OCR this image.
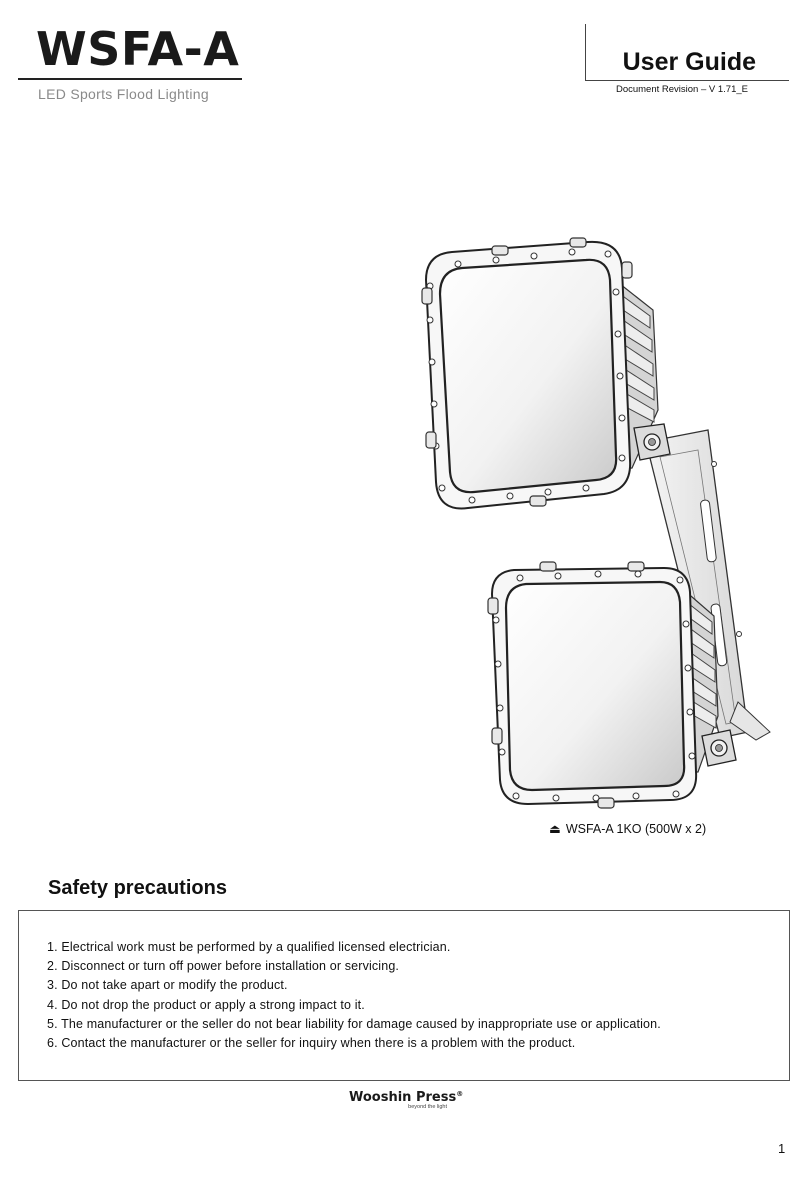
WSFA-A
LED Sports Flood Lighting
User Guide
Document Revision – V 1.71_E
⏏ WSFA-A 1KO (500W x 2)
Safety precautions
1. Electrical work must be performed by a qualified licensed electrician.
2. Disconnect or turn off power before installation or servicing.
3. Do not take apart or modify the product.
4. Do not drop the product or apply a strong impact to it.
5. The manufacturer or the seller do not bear liability for damage caused by inappropriate use or application.
6. Contact the manufacturer or the seller for inquiry when there is a problem with the product.
Wooshin Press®
beyond the light
1
